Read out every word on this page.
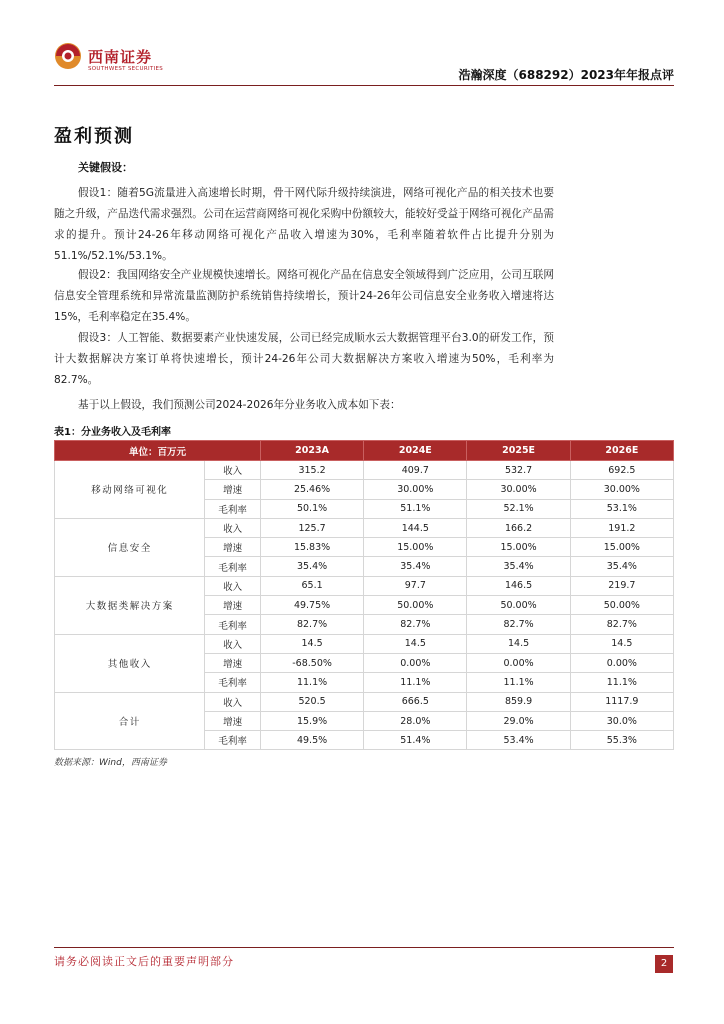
西南证券
SOUTHWEST SECURITIES	浩瀚深度（688292）2023年年报点评
盈利预测
关键假设：

假设1：随着5G流量进入高速增长时期，骨干网代际升级持续演进，网络可视化产品的相关技术也要随之升级，产品迭代需求强烈。公司在运营商网络可视化采购中份额较大，能较好受益于网络可视化产品需求的提升。预计24-26年移动网络可视化产品收入增速为30%，毛利率随着软件占比提升分别为51.1%/52.1%/53.1%。

假设2：我国网络安全产业规模快速增长。网络可视化产品在信息安全领域得到广泛应用，公司互联网信息安全管理系统和异常流量监测防护系统销售持续增长，预计24-26年公司信息安全业务收入增速将达15%，毛利率稳定在35.4%。

假设3：人工智能、数据要素产业快速发展，公司已经完成顺水云大数据管理平台3.0的研发工作，预计大数据解决方案订单将快速增长，预计24-26年公司大数据解决方案收入增速为50%，毛利率为82.7%。

基于以上假设，我们预测公司2024-2026年分业务收入成本如下表：

表1：分业务收入及毛利率
单位：百万元		2023A	2024E	2025E	2026E
移动网络可视化	收入	315.2	409.7	532.7	692.5
	增速	25.46%	30.00%	30.00%	30.00%
	毛利率	50.1%	51.1%	52.1%	53.1%
信息安全	收入	125.7	144.5	166.2	191.2
	增速	15.83%	15.00%	15.00%	15.00%
	毛利率	35.4%	35.4%	35.4%	35.4%
大数据类解决方案	收入	65.1	97.7	146.5	219.7
	增速	49.75%	50.00%	50.00%	50.00%
	毛利率	82.7%	82.7%	82.7%	82.7%
其他收入	收入	14.5	14.5	14.5	14.5
	增速	-68.50%	0.00%	0.00%	0.00%
	毛利率	11.1%	11.1%	11.1%	11.1%
合计	收入	520.5	666.5	859.9	1117.9
	增速	15.9%	28.0%	29.0%	30.0%
	毛利率	49.5%	51.4%	53.4%	55.3%
数据来源：Wind，西南证券
请务必阅读正文后的重要声明部分	2
